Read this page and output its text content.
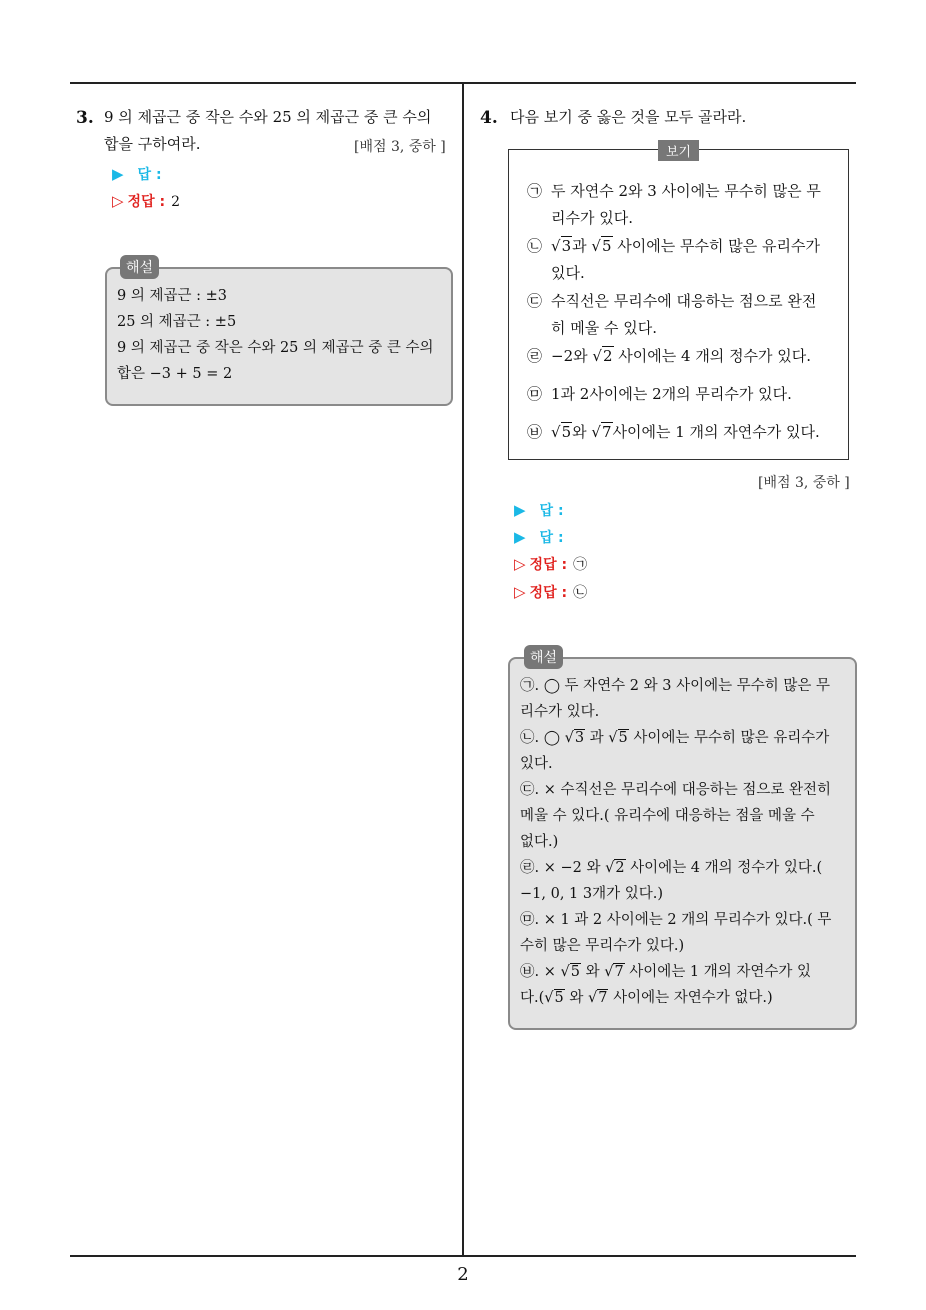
3. 9 의 제곱근 중 작은 수와 25 의 제곱근 중 큰 수의
합을 구하여라.	[배점 3, 중하 ]
▶ 답 :
▷ 정답 : 2
9 의 제곱근 : ±3
25 의 제곱근 : ±5
9 의 제곱근 중 작은 수와 25 의 제곱근 중 큰 수의
합은 −3 + 5 = 2
해설
4. 다음 보기 중 옳은 것을 모두 골라라.
㉠ 두 자연수 2와 3 사이에는 무수히 많은 무
리수가 있다.
㉡ √3과 √5 사이에는 무수히 많은 유리수가
있다.
㉢ 수직선은 무리수에 대응하는 점으로 완전
히 메울 수 있다.
㉣ −2와 √2 사이에는 4 개의 정수가 있다.
㉤ 1과 2사이에는 2개의 무리수가 있다.
㉥ √5와 √7사이에는 1 개의 자연수가 있다.
보기
[배점 3, 중하 ]
▶ 답 :
▶ 답 :
▷ 정답 : ㉠
▷ 정답 : ㉡
㉠. ◯ 두 자연수 2 와 3 사이에는 무수히 많은 무
리수가 있다.
㉡. ◯ √3 과 √5 사이에는 무수히 많은 유리수가
있다.
㉢. × 수직선은 무리수에 대응하는 점으로 완전히
메울 수 있다.( 유리수에 대응하는 점을 메울 수
없다.)
㉣. × −2 와 √2 사이에는 4 개의 정수가 있다.(
−1, 0, 1 3개가 있다.)
㉤. × 1 과 2 사이에는 2 개의 무리수가 있다.( 무
수히 많은 무리수가 있다.)
㉥. × √5 와 √7 사이에는 1 개의 자연수가 있
다.(√5 와 √7 사이에는 자연수가 없다.)
해설
2
